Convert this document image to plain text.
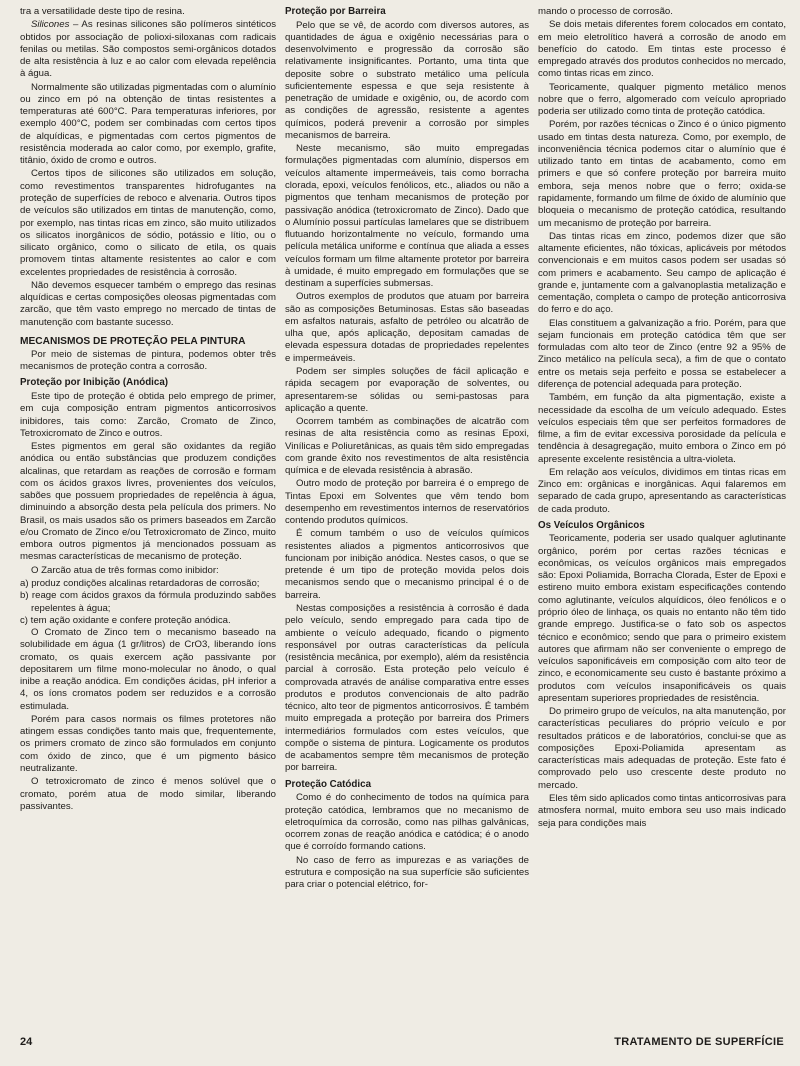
tra a versatilidade deste tipo de resina.

Silicones – As resinas silicones são polímeros sintéticos obtidos por associação de polioxi-siloxanas com radicais fenilas ou metilas. São compostos semi-orgânicos dotados de alta resistência à luz e ao calor com elevada repelência à água.

Normalmente são utilizadas pigmentadas com o alumínio ou zinco em pó na obtenção de tintas resistentes a temperaturas até 600°C. Para temperaturas inferiores, por exemplo 400°C, podem ser combinadas com certos tipos de alquídicas, e pigmentadas com certos pigmentos de resistência moderada ao calor como, por exemplo, grafite, titânio, óxido de cromo e outros.

Certos tipos de silicones são utilizados em solução, como revestimentos transparentes hidrofugantes na proteção de superfícies de reboco e alvenaria. Outros tipos de veículos são utilizados em tintas de manutenção, como, por exemplo, nas tintas ricas em zinco, são muito utilizados os silicatos inorgânicos de sódio, potássio e lítio, ou o silicato orgânico, como o silicato de etila, os quais promovem tintas altamente resistentes ao calor e com excelentes propriedades de resistência à corrosão.

Não devemos esquecer também o emprego das resinas alquídicas e certas composições oleosas pigmentadas com zarcão, que têm vasto emprego no mercado de tintas de manutenção com bastante sucesso.

MECANISMOS DE PROTEÇÃO PELA PINTURA

Por meio de sistemas de pintura, podemos obter três mecanismos de proteção contra a corrosão.

Proteção por Inibição (Anódica)

Este tipo de proteção é obtida pelo emprego de primer, em cuja composição entram pigmentos anticorrosivos inibidores, tais como: Zarcão, Cromato de Zinco, Tetroxicromato de Zinco e outros.

Estes pigmentos em geral são oxidantes da região anódica ou então substâncias que produzem condições alcalinas, que retardam as reações de corrosão e formam com os ácidos graxos livres, provenientes dos veículos, sabões que possuem propriedades de repelência à água, diminuindo a absorção desta pela película dos primers. No Brasil, os mais usados são os primers baseados em Zarcão e/ou Cromato de Zinco e/ou Tetroxicromato de Zinco, muito embora outros pigmentos já mencionados possuam as mesmas características de mecanismo de proteção.

O Zarcão atua de três formas como inibidor:

a) produz condições alcalinas retardadoras de corrosão;

b) reage com ácidos graxos da fórmula produzindo sabões repelentes à água;

c) tem ação oxidante e confere proteção anódica.

O Cromato de Zinco tem o mecanismo baseado na solubilidade em água (1 gr/litros) de CrO3, liberando íons cromato, os quais exercem ação passivante por depositarem um filme mono-molecular no ânodo, o qual inibe a reação anódica. Em condições ácidas, pH inferior a 4, os íons cromatos podem ser reduzidos e a corrosão estimulada.

Porém para casos normais os filmes protetores não atingem essas condições tanto mais que, frequentemente, os primers cromato de zinco são formulados em conjunto com óxido de zinco, que é um pigmento básico neutralizante.

O tetroxicromato de zinco é menos solúvel que o cromato, porém atua de modo similar, liberando passivantes.

Proteção por Barreira

Pelo que se vê, de acordo com diversos autores, as quantidades de água e oxigênio necessárias para o desenvolvimento e progressão da corrosão são relativamente insignificantes. Portanto, uma tinta que deposite sobre o substrato metálico uma película suficientemente espessa e que seja resistente à penetração de umidade e oxigênio, ou, de acordo com as condições de agressão, resistente a agentes químicos, poderá prevenir a corrosão por simples mecanismos de barreira.

Neste mecanismo, são muito empregadas formulações pigmentadas com alumínio, dispersos em veículos altamente impermeáveis, tais como borracha clorada, epoxi, veículos fenólicos, etc., aliados ou não a pigmentos que tenham mecanismos de proteção por passivação anódica (tetroxicromato de Zinco). Dado que o Alumínio possui partículas lamelares que se distribuem flutuando horizontalmente no veículo, formando uma película metálica uniforme e contínua que aliada a esses veículos formam um filme altamente protetor por barreira à umidade, é muito empregado em formulações que se destinam a superfícies submersas.

Outros exemplos de produtos que atuam por barreira são as composições Betuminosas. Estas são baseadas em asfaltos naturais, asfalto de petróleo ou alcatrão de ulha que, após aplicação, depositam camadas de elevada espessura dotadas de propriedades repelentes e impermeáveis.

Podem ser simples soluções de fácil aplicação e rápida secagem por evaporação de solventes, ou apresentarem-se sólidas ou semi-pastosas para aplicação a quente.

Ocorrem também as combinações de alcatrão com resinas de alta resistência como as resinas Epoxi, Vinílicas e Poliuretânicas, as quais têm sido empregadas com grande êxito nos revestimentos de alta resistência química e de elevada resistência à abrasão.

Outro modo de proteção por barreira é o emprego de Tintas Epoxi em Solventes que vêm tendo bom desempenho em revestimentos internos de reservatórios contendo produtos químicos.

É comum também o uso de veículos químicos resistentes aliados a pigmentos anticorrosivos que funcionam por inibição anódica. Nestes casos, o que se pretende é um tipo de proteção movida pelos dois mecanismos sendo que o mecanismo principal é o de barreira.

Nestas composições a resistência à corrosão é dada pelo veículo, sendo empregado para cada tipo de ambiente o veículo adequado, ficando o pigmento responsável por outras características da película (resistência mecânica, por exemplo), além da resistência parcial à corrosão. Esta proteção pelo veículo é comprovada através de análise comparativa entre esses produtos e produtos convencionais de alto padrão técnico, alto teor de pigmentos anticorrosivos. É também muito empregada a proteção por barreira dos Primers intermediários formulados com estes veículos, que compõe o sistema de pintura. Logicamente os produtos de acabamentos sempre têm mecanismos de proteção por barreira.

Proteção Catódica

Como é do conhecimento de todos na química para proteção catódica, lembramos que no mecanismo de eletroquímica da corrosão, como nas pilhas galvânicas, ocorrem zonas de reação anódica e catódica; é o anodo que é corroído formando cations.

No caso de ferro as impurezas e as variações de estrutura e composição na sua superfície são suficientes para criar o potencial elétrico, for-

mando o processo de corrosão.

Se dois metais diferentes forem colocados em contato, em meio eletrolítico haverá a corrosão de anodo em benefício do catodo. Em tintas este processo é empregado através dos produtos conhecidos no mercado, como tintas ricas em zinco.

Teoricamente, qualquer pigmento metálico menos nobre que o ferro, algomerado com veículo apropriado poderia ser utilizado como tinta de proteção catódica.

Porém, por razões técnicas o Zinco é o único pigmento usado em tintas desta natureza. Como, por exemplo, de inconveniência técnica podemos citar o alumínio que é utilizado tanto em tintas de acabamento, como em primers e que só confere proteção por barreira muito embora, seja menos nobre que o ferro; oxida-se rapidamente, formando um filme de óxido de alumínio que bloqueia o mecanismo de proteção catódica, resultando um mecanismo de proteção por barreira.

Das tintas ricas em zinco, podemos dizer que são altamente eficientes, não tóxicas, aplicáveis por métodos convencionais e em muitos casos podem ser usadas só com primers e acabamento. Seu campo de aplicação é grande e, juntamente com a galvanoplastia metalização e cementação, completa o campo de proteção anticorrosiva do ferro e do aço.

Elas constituem a galvanização a frio. Porém, para que sejam funcionais em proteção catódica têm que ser formuladas com alto teor de Zinco (entre 92 a 95% de Zinco metálico na película seca), a fim de que o contato entre os metais seja perfeito e possa se estabelecer a diferença de potencial adequada para proteção.

Também, em função da alta pigmentação, existe a necessidade da escolha de um veículo adequado. Estes veículos especiais têm que ser perfeitos formadores de filme, a fim de evitar excessiva porosidade da película e tendência à desagregação, muito embora o Zinco em pó apresente excelente resistência a ultra-violeta.

Em relação aos veículos, dividimos em tintas ricas em Zinco em: orgânicas e inorgânicas. Aqui falaremos em separado de cada grupo, apresentando as características de cada produto.

Os Veículos Orgânicos

Teoricamente, poderia ser usado qualquer aglutinante orgânico, porém por certas razões técnicas e econômicas, os veículos orgânicos mais empregados são: Epoxi Poliamida, Borracha Clorada, Ester de Epoxi e estireno muito embora existam especificações contendo como aglutinante, veículos alquídicos, óleo fenólicos e o próprio óleo de linhaça, os quais no entanto não têm tido grande emprego. Justifica-se o fato sob os aspectos técnico e econômico; sendo que para o primeiro existem autores que afirmam não ser conveniente o emprego de veículos saponificáveis em composição com alto teor de zinco, e economicamente seu custo é bastante próximo a produtos com veículos insaponificáveis os quais apresentam superiores propriedades de resistência.

Do primeiro grupo de veículos, na alta manutenção, por características peculiares do próprio veículo e por resultados práticos e de laboratórios, conclui-se que as composições Epoxi-Poliamida apresentam as características mais adequadas de proteção. Este fato é comprovado pelo uso crescente deste produto no mercado.

Eles têm sido aplicados como tintas anticorrosivas para atmosfera normal, muito embora seu uso mais indicado seja para condições mais

24	TRATAMENTO DE SUPERFÍCIE
